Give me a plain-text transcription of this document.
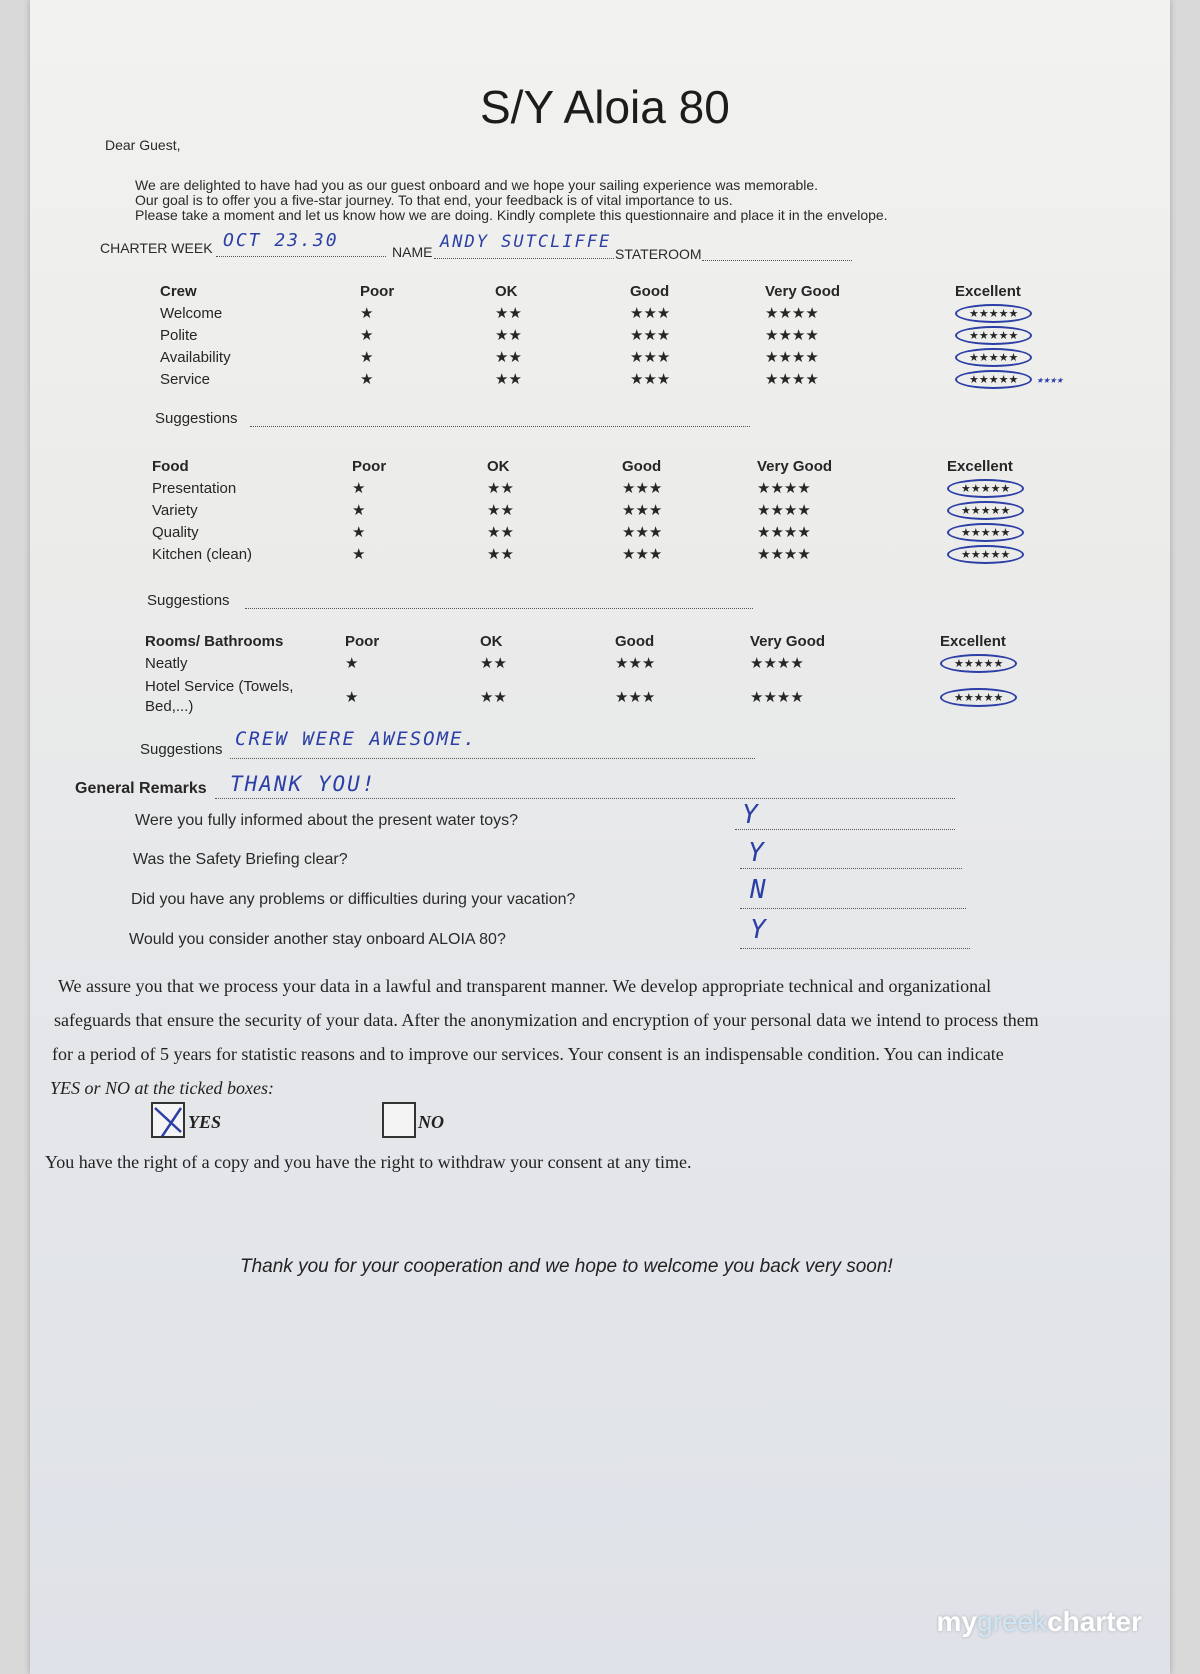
S/Y Aloia 80
Dear Guest,
We are delighted to have had you as our guest onboard and we hope your sailing experience was memorable.
Our goal is to offer you a five-star journey. To that end, your feedback is of vital importance to us.
Please take a moment and let us know how we are doing. Kindly complete this questionnaire and place it in the envelope.
CHARTER WEEK OCT 23.30
NAME ANDY SUTCLIFFE
STATEROOM
Crew	Poor	OK	Good	Very Good	Excellent
Welcome	★	★★	★★★	★★★★	★★★★★
Polite	★	★★	★★★	★★★★	★★★★★
Availability	★	★★	★★★	★★★★	★★★★★
Service	★	★★	★★★	★★★★	★★★★★ ★★★★
Suggestions
Food	Poor	OK	Good	Very Good	Excellent
Presentation	★	★★	★★★	★★★★	★★★★★
Variety	★	★★	★★★	★★★★	★★★★★
Quality	★	★★	★★★	★★★★	★★★★★
Kitchen (clean)	★	★★	★★★	★★★★	★★★★★
Suggestions
Rooms/ Bathrooms	Poor	OK	Good	Very Good	Excellent
Neatly	★	★★	★★★	★★★★	★★★★★
Hotel Service (Towels, Bed,...)	★	★★	★★★	★★★★	★★★★★
Suggestions CREW WERE AWESOME.
General Remarks THANK YOU!
Were you fully informed about the present water toys?	Y
Was the Safety Briefing clear?	Y
Did you have any problems or difficulties during your vacation?	N
Would you consider another stay onboard ALOIA 80?	Y
We assure you that we process your data in a lawful and transparent manner. We develop appropriate technical and organizational
safeguards that ensure the security of your data. After the anonymization and encryption of your personal data we intend to process them
for a period of 5 years for statistic reasons and to improve our services. Your consent is an indispensable condition. You can indicate
YES or NO at the ticked boxes:
YES	NO
You have the right of a copy and you have the right to withdraw your consent at any time.
Thank you for your cooperation and we hope to welcome you back very soon!
mygreekcharter
